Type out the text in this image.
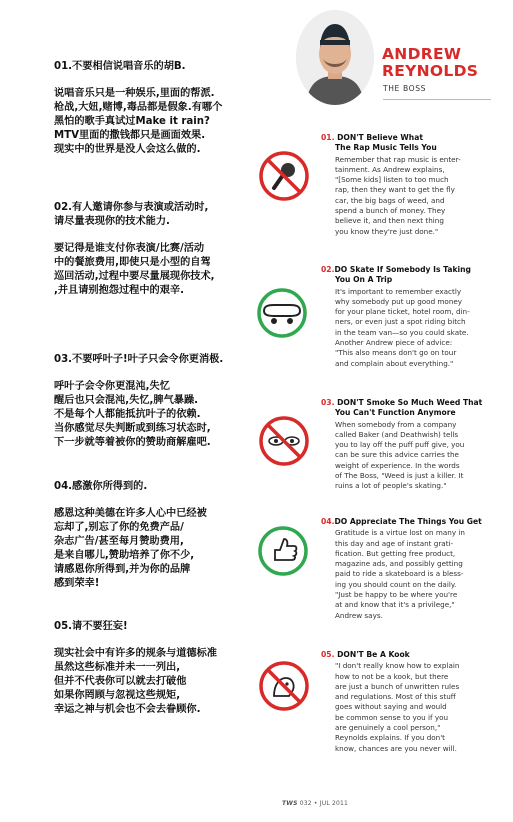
01.不要相信说唱音乐的胡B.

说唱音乐只是一种娱乐,里面的帮派.
枪战,大妞,赌博,毒品都是假象.有哪个
黑怕的歌手真试过Make it rain?
MTV里面的撒钱都只是画面效果.
现实中的世界是没人会这么做的.

02.有人邀请你参与表演或活动时,
请尽量表现你的技术能力.

要记得是谁支付你表演/比赛/活动
中的餐旅费用,即使只是小型的自驾
巡回活动,过程中要尽量展现你技术,
,并且请别抱怨过程中的艰辛.

03.不要呼叶子!叶子只会令你更消极.

呼叶子会令你更混沌,失忆
醒后也只会混沌,失忆,脾气暴躁.
不是每个人都能抵抗叶子的依赖.
当你感觉尽失判断或到练习状态时,
下一步就等着被你的赞助商解雇吧.

04.感激你所得到的.

感恩这种美德在许多人心中已经被
忘却了,别忘了你的免费产品/
杂志广告/甚至每月赞助费用,
是来自哪儿,赞助培养了你不少,
请感恩你所得到,并为你的品牌
感到荣幸!

05.请不要狂妄!

现实社会中有许多的规条与道德标准
虽然这些标准并未一一列出,
但并不代表你可以就去打破他
如果你罔顾与忽视这些规矩,
幸运之神与机会也不会去眷顾你.

ANDREW
REYNOLDS
THE BOSS
01. DON'T Believe What
The Rap Music Tells You
Remember that rap music is enter-
tainment. As Andrew explains,
"[Some kids] listen to too much
rap, then they want to get the fly
car, the big bags of weed, and
spend a bunch of money. They
believe it, and then next thing
you know they're just done."
02.DO Skate If Somebody Is Taking
You On A Trip
It's important to remember exactly
why somebody put up good money
for your plane ticket, hotel room, din-
ners, or even just a spot riding bitch
in the team van—so you could skate.
Another Andrew piece of advice:
"This also means don't go on tour
and complain about everything."
03. DON'T Smoke So Much Weed That
You Can't Function Anymore
When somebody from a company
called Baker (and Deathwish) tells
you to lay off the puff puff give, you
can be sure this advice carries the
weight of experience. In the words
of The Boss, "Weed is just a killer. It
ruins a lot of people's skating."
04.DO Appreciate The Things You Get
Gratitude is a virtue lost on many in
this day and age of instant grati-
fication. But getting free product,
magazine ads, and possibly getting
paid to ride a skateboard is a bless-
ing you should count on the daily.
"Just be happy to be where you're
at and know that it's a privilege,"
Andrew says.
05. DON'T Be A Kook
"I don't really know how to explain
how to not be a kook, but there
are just a bunch of unwritten rules
and regulations. Most of this stuff
goes without saying and would
be common sense to you if you
are genuinely a cool person,"
Reynolds explains. If you don't
know, chances are you never will.
TWS 032 • JUL 2011
